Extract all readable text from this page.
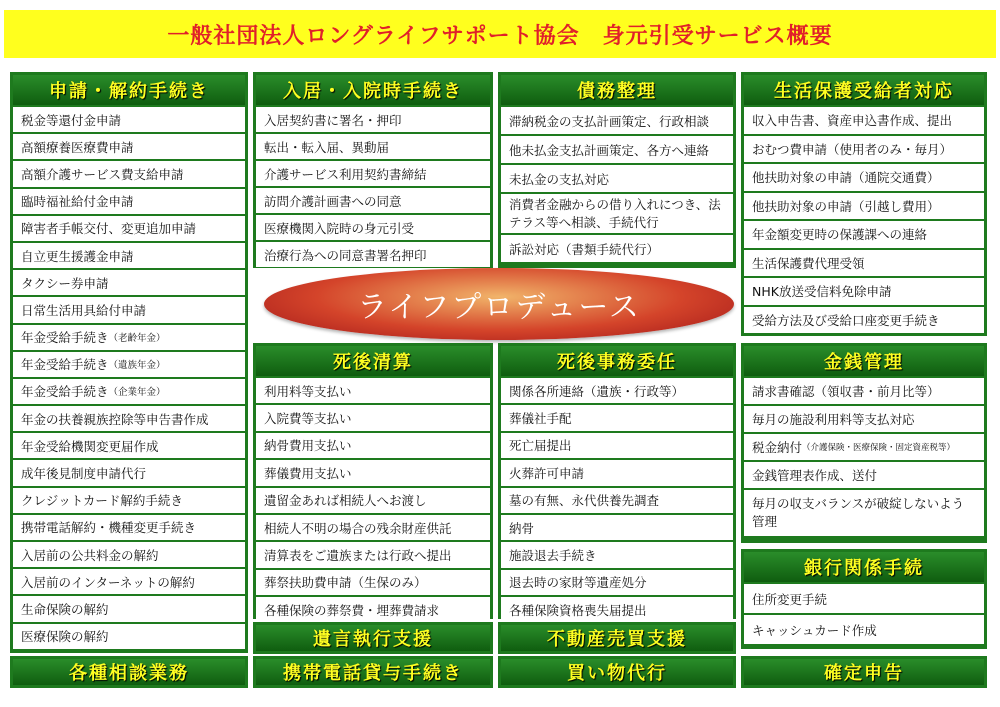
一般社団法人ロングライフサポート協会　身元引受サービス概要
申請・解約手続き
税金等還付金申請
高額療養医療費申請
高額介護サービス費支給申請
臨時福祉給付金申請
障害者手帳交付、変更追加申請
自立更生援護金申請
タクシー券申請
日常生活用具給付申請
年金受給手続き （老齢年金）
年金受給手続き （遺族年金）
年金受給手続き （企業年金）
年金の扶養親族控除等申告書作成
年金受給機関変更届作成
成年後見制度申請代行
クレジットカード解約手続き
携帯電話解約・機種変更手続き
入居前の公共料金の解約
入居前のインターネットの解約
生命保険の解約
医療保険の解約
入居・入院時手続き
入居契約書に署名・押印
転出・転入届、異動届
介護サービス利用契約書締結
訪問介護計画書への同意
医療機関入院時の身元引受
治療行為への同意書署名押印
債務整理
滞納税金の支払計画策定、行政相談
他未払金支払計画策定、各方へ連絡
未払金の支払対応
消費者金融からの借り入れにつき、法テラス等へ相談、手続代行
訴訟対応（書類手続代行）
生活保護受給者対応
収入申告書、資産申込書作成、提出
おむつ費申請（使用者のみ・毎月）
他扶助対象の申請（通院交通費）
他扶助対象の申請（引越し費用）
年金額変更時の保護課への連絡
生活保護費代理受領
NHK放送受信料免除申請
受給方法及び受給口座変更手続き
ライフプロデュース
死後清算
利用料等支払い
入院費等支払い
納骨費用支払い
葬儀費用支払い
遺留金あれば相続人へお渡し
相続人不明の場合の残余財産供託
清算表をご遺族または行政へ提出
葬祭扶助費申請（生保のみ）
各種保険の葬祭費・埋葬費請求
死後事務委任
関係各所連絡（遺族・行政等）
葬儀社手配
死亡届提出
火葬許可申請
墓の有無、永代供養先調査
納骨
施設退去手続き
退去時の家財等遺産処分
各種保険資格喪失届提出
金銭管理
請求書確認（領収書・前月比等）
毎月の施設利用料等支払対応
税金納付 （介護保険・医療保険・固定資産税等）
金銭管理表作成、送付
毎月の収支バランスが破綻しないよう管理
銀行関係手続
住所変更手続
キャッシュカード作成
遺言執行支援	不動産売買支援
各種相談業務	携帯電話貸与手続き	買い物代行	確定申告
